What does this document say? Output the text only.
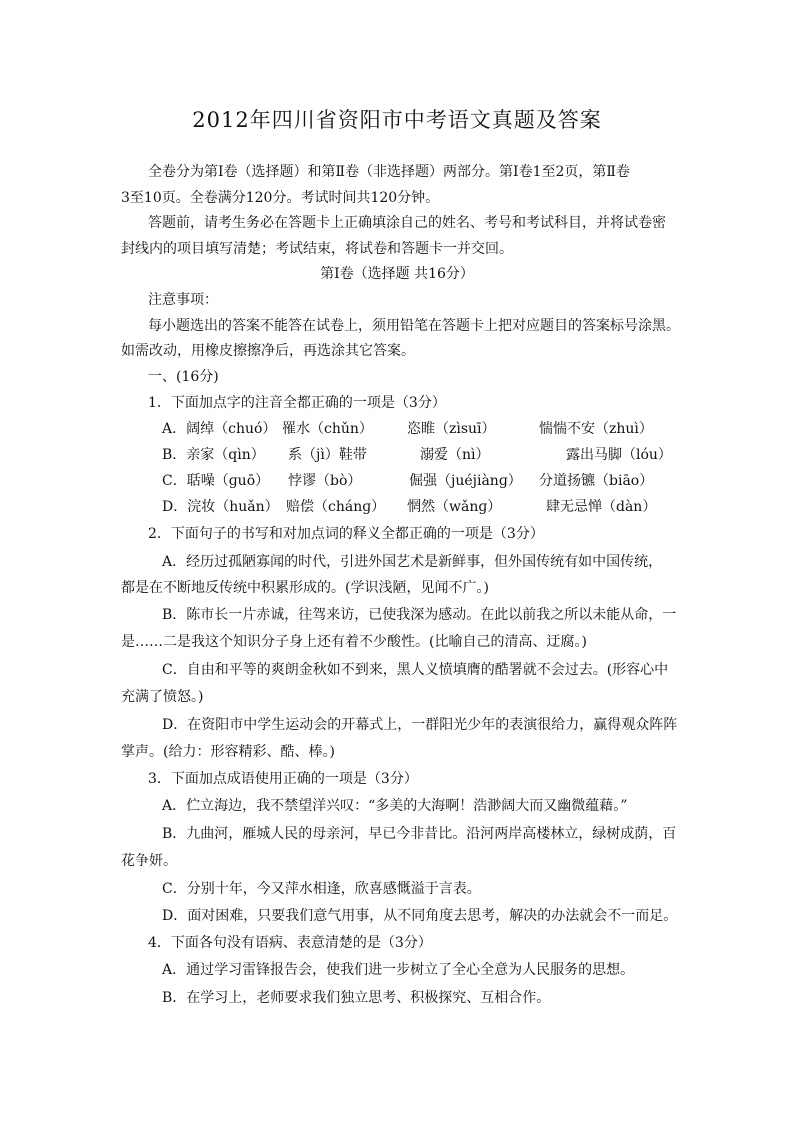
2012年四川省资阳市中考语文真题及答案
全卷分为第Ⅰ卷（选择题）和第Ⅱ卷（非选择题）两部分。第Ⅰ卷1至2页，第Ⅱ卷
3至10页。全卷满分120分。考试时间共120分钟。
答题前，请考生务必在答题卡上正确填涂自己的姓名、考号和考试科目，并将试卷密
封线内的项目填写清楚；考试结束，将试卷和答题卡一并交回。
第Ⅰ卷（选择题 共16分）
注意事项：
每小题选出的答案不能答在试卷上，须用铅笔在答题卡上把对应题目的答案标号涂黑。
如需改动，用橡皮擦擦净后，再选涂其它答案。
一、(16分)
1．下面加点字的注音全都正确的一项是（3分）
A．阔绰（chuó） 罹水（chǔn） 恣睢（zìsuī）	惴惴不安（zhuì）
B．亲家（qìn） 系（jì）鞋带	溺爱（nì）	露出马脚（lóu）
C．聒噪（ɡuō） 悖谬（bò）	倔强（juéjiànɡ） 分道扬镳（biāo）
D．浣妆（huǎn） 赔偿（chánɡ） 惘然（wǎnɡ）	肆无忌惮（dàn）
2．下面句子的书写和对加点词的释义全都正确的一项是（3分）
A．经历过孤陋寡闻的时代，引进外国艺术是新鲜事，但外国传统有如中国传统，
都是在不断地反传统中积累形成的。(学识浅陋，见闻不广。)
B．陈市长一片赤诚，往驾来访，已使我深为感动。在此以前我之所以未能从命，一
是……二是我这个知识分子身上还有着不少酸性。(比喻自己的清高、迂腐。)
C．自由和平等的爽朗金秋如不到来，黑人义愤填膺的酷署就不会过去。(形容心中
充满了愤怒。)
D．在资阳市中学生运动会的开幕式上，一群阳光少年的表演很给力，赢得观众阵阵
掌声。(给力：形容精彩、酷、棒。)
3．下面加点成语使用正确的一项是（3分）
A．伫立海边，我不禁望洋兴叹：“多美的大海啊！浩渺阔大而又幽微蕴藉。”
B．九曲河，雁城人民的母亲河，早已今非昔比。沿河两岸高楼林立，绿树成荫，百
花争妍。
C．分别十年，今又萍水相逢，欣喜感慨溢于言表。
D．面对困难，只要我们意气用事，从不同角度去思考，解决的办法就会不一而足。
4．下面各句没有语病、表意清楚的是（3分）
A．通过学习雷锋报告会，使我们进一步树立了全心全意为人民服务的思想。
B．在学习上，老师要求我们独立思考、积极探究、互相合作。
